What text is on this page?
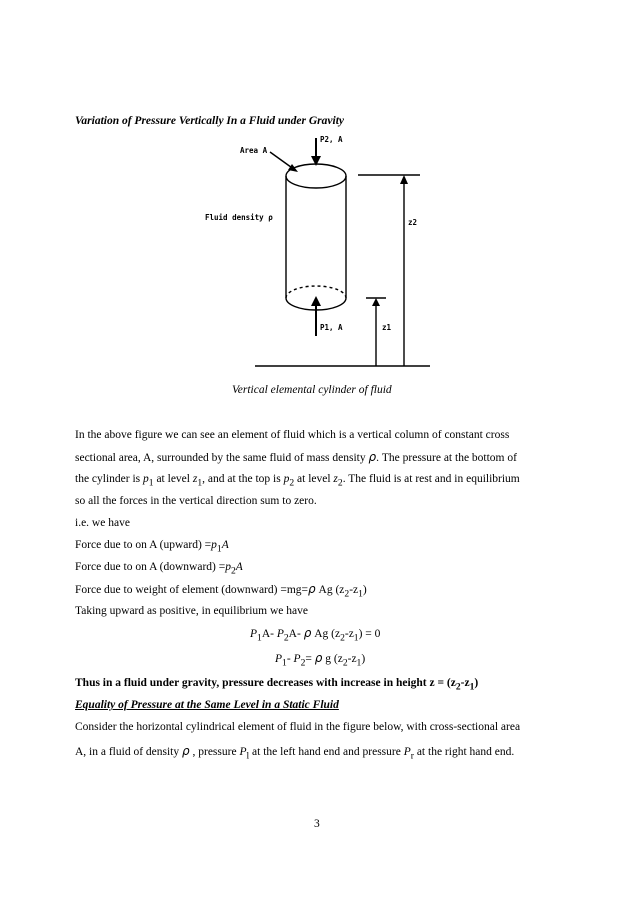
Variation of Pressure Vertically In a Fluid under Gravity
Area A
P2, A
Fluid density ρ
z2
P1, A	z1
Vertical elemental cylinder of fluid
In the above figure we can see an element of fluid which is a vertical column of constant cross
sectional area, A, surrounded by the same fluid of mass density ρ. The pressure at the bottom of
the cylinder is $p_1$ at level $z_1$, and at the top is $p_2$ at level $z_2$. The fluid is at rest and in equilibrium
so all the forces in the vertical direction sum to zero.
i.e. we have
Force due to on A (upward) $=p_1A$
Force due to on A (downward) $=p_2A$
Force due to weight of element (downward) =mg=ρ Ag $(z_2-z_1)$
Taking upward as positive, in equilibrium we have
$P_1A-$ $P_2A-$ ρ Ag $(z_2-z_1) = 0$
$P_1-$ $P_2= \rho$ g $(z_2-z_1)$
Thus in a fluid under gravity, pressure decreases with increase in height $z = (z_2-z_1)$
Equality of Pressure at the Same Level in a Static Fluid
Consider the horizontal cylindrical element of fluid in the figure below, with cross-sectional area
A, in a fluid of density ρ , pressure $P_l$ at the left hand end and pressure $P_r$ at the right hand end.
3
